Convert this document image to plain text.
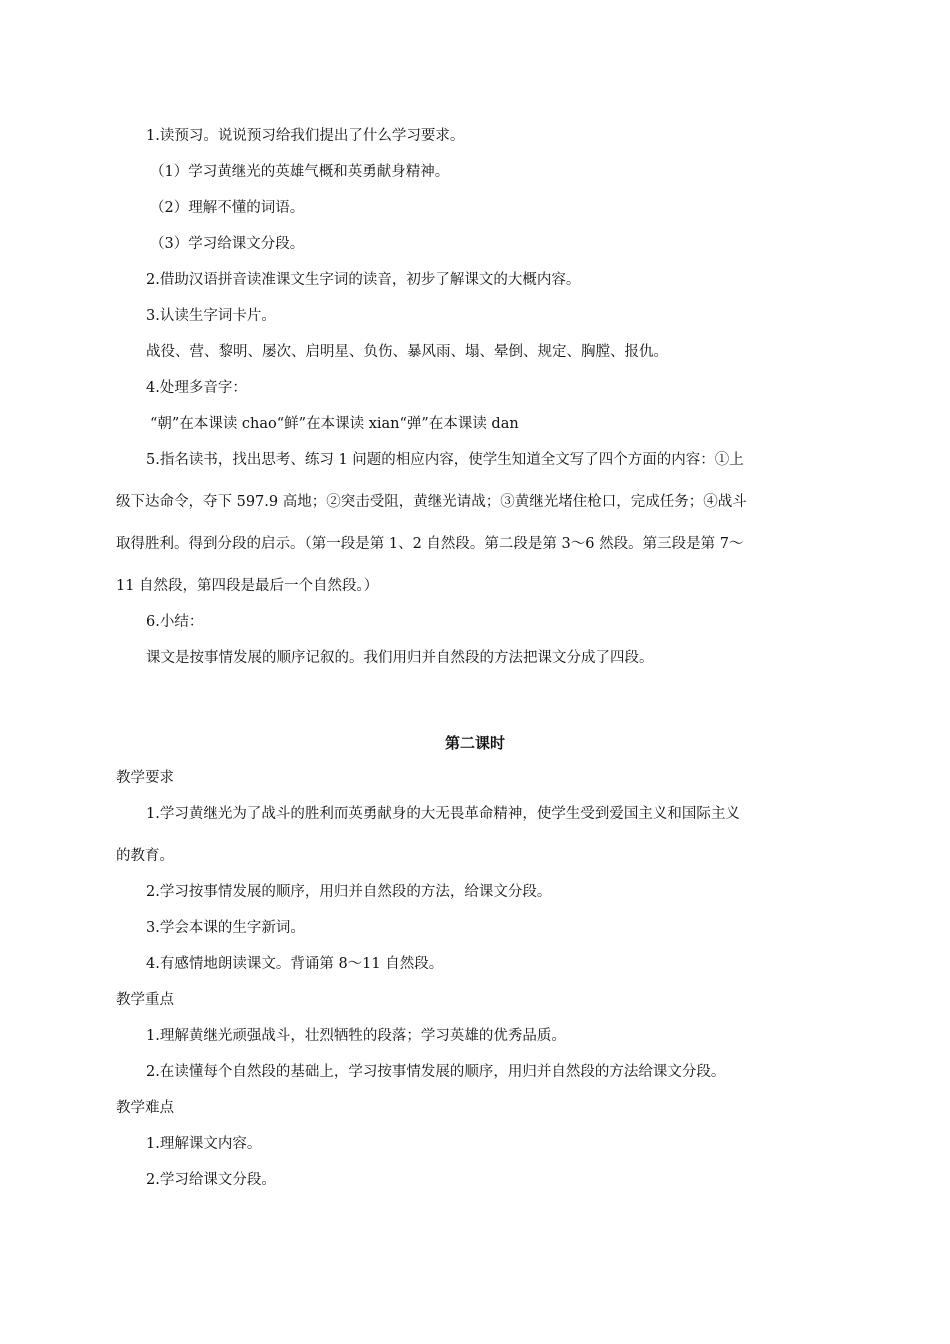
1.读预习。说说预习给我们提出了什么学习要求。
（1）学习黄继光的英雄气概和英勇献身精神。
（2）理解不懂的词语。
（3）学习给课文分段。
2.借助汉语拼音读准课文生字词的读音，初步了解课文的大概内容。
3.认读生字词卡片。
战役、营、黎明、屡次、启明星、负伤、暴风雨、塌、晕倒、规定、胸膛、报仇。
4.处理多音字：
“朝”在本课读 chao“鲜”在本课读 xian“弹”在本课读 dan
5.指名读书，找出思考、练习 1 问题的相应内容，使学生知道全文写了四个方面的内容：①上
级下达命令，夺下 597.9 高地；②突击受阻，黄继光请战；③黄继光堵住枪口，完成任务；④战斗
取得胜利。得到分段的启示。（第一段是第 1、2 自然段。第二段是第 3～6 然段。第三段是第 7～
11 自然段，第四段是最后一个自然段。）
6.小结：
课文是按事情发展的顺序记叙的。我们用归并自然段的方法把课文分成了四段。
第二课时
教学要求
1.学习黄继光为了战斗的胜利而英勇献身的大无畏革命精神，使学生受到爱国主义和国际主义
的教育。
2.学习按事情发展的顺序，用归并自然段的方法，给课文分段。
3.学会本课的生字新词。
4.有感情地朗读课文。背诵第 8～11 自然段。
教学重点
1.理解黄继光顽强战斗，壮烈牺牲的段落；学习英雄的优秀品质。
2.在读懂每个自然段的基础上，学习按事情发展的顺序，用归并自然段的方法给课文分段。
教学难点
1.理解课文内容。
2.学习给课文分段。
